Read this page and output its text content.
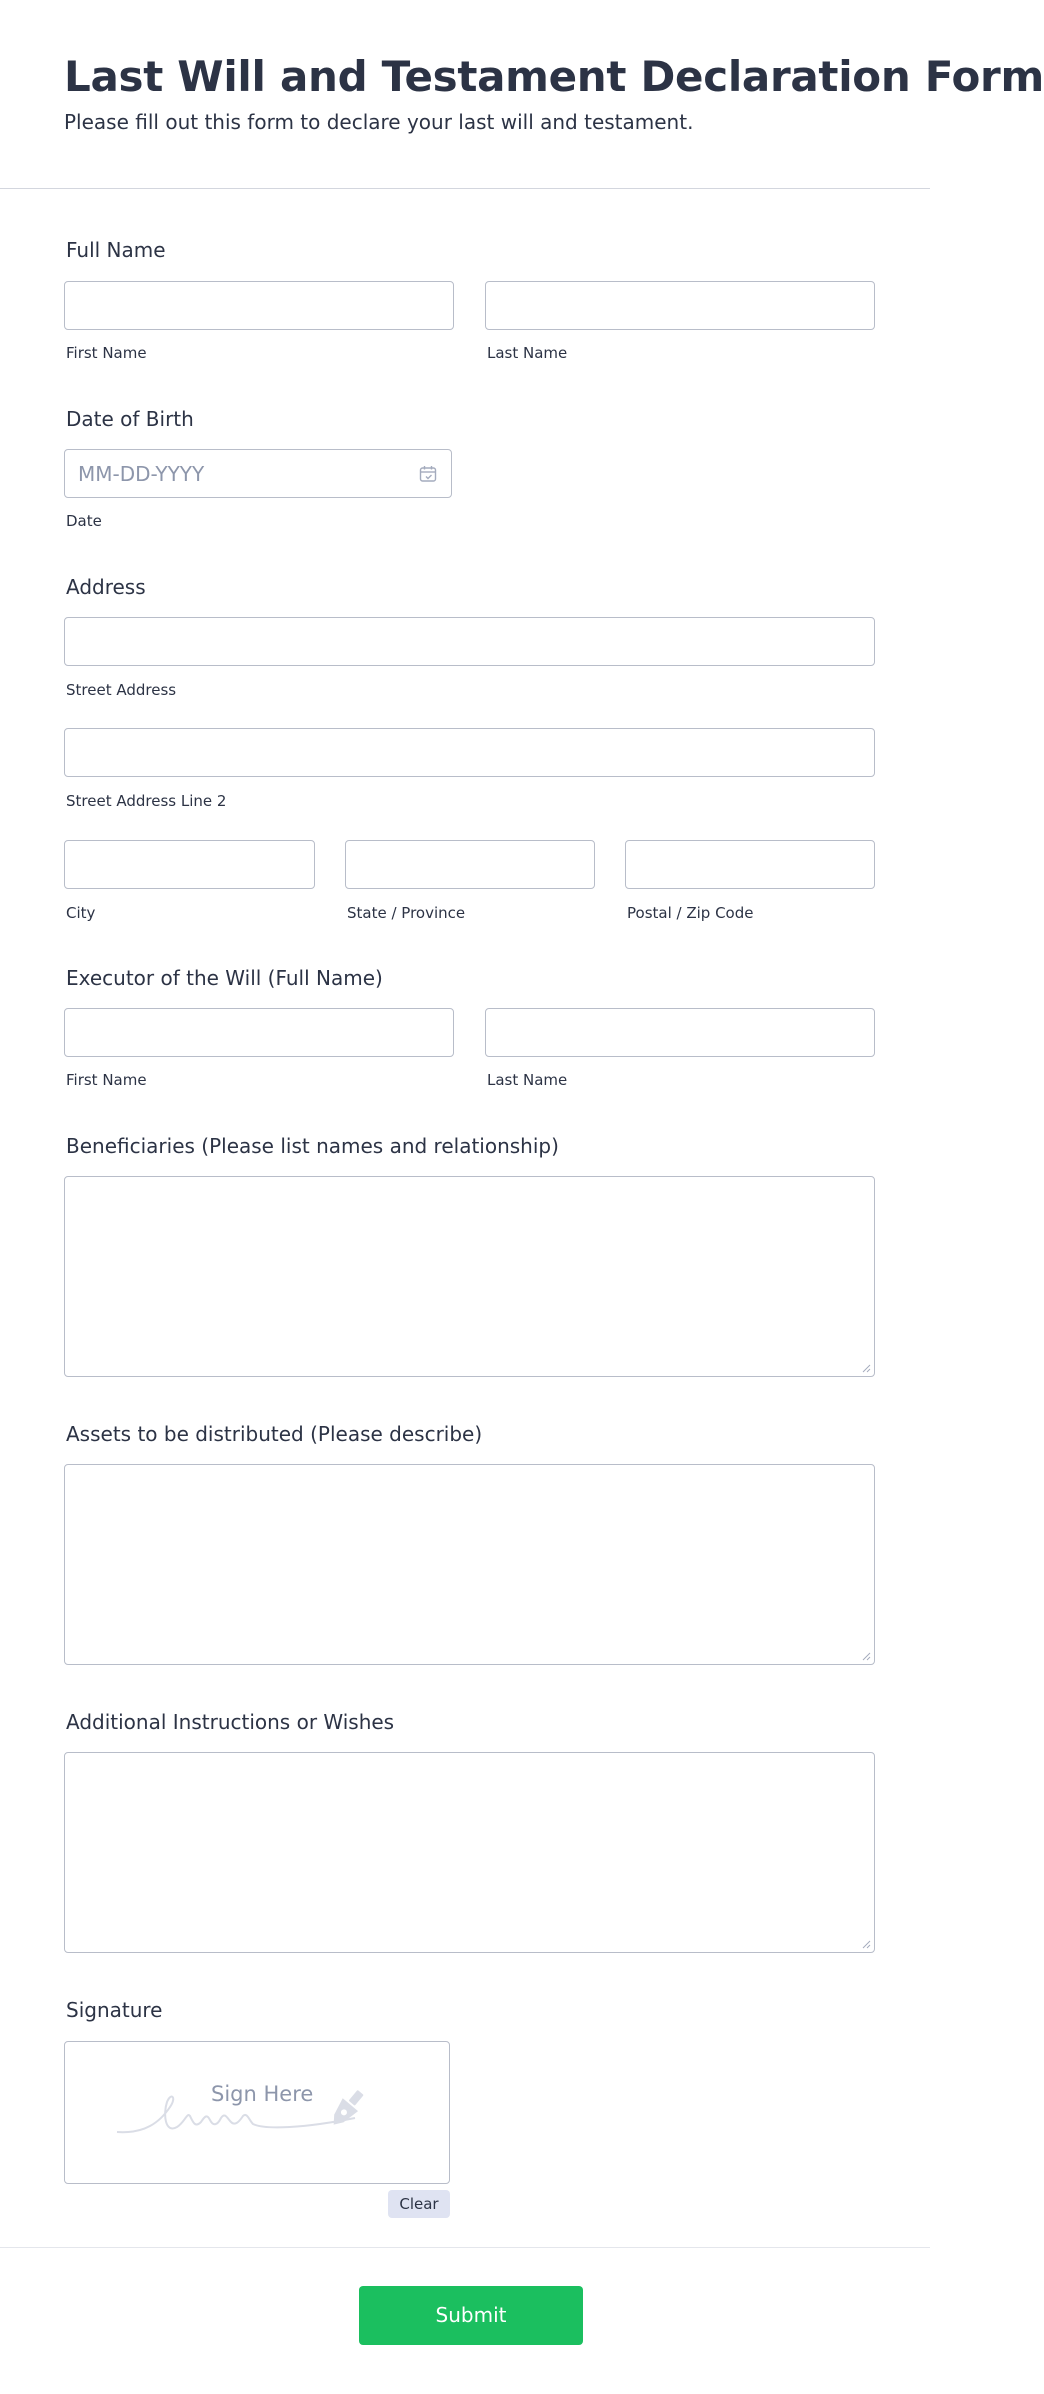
Last Will and Testament Declaration Form
Please fill out this form to declare your last will and testament.
Full Name
First Name	Last Name
Date of Birth
MM-DD-YYYY
Date
Address
Street Address
Street Address Line 2
City	State / Province	Postal / Zip Code
Executor of the Will (Full Name)
First Name	Last Name
Beneficiaries (Please list names and relationship)
Assets to be distributed (Please describe)
Additional Instructions or Wishes
Signature
Sign Here
Clear
Submit
